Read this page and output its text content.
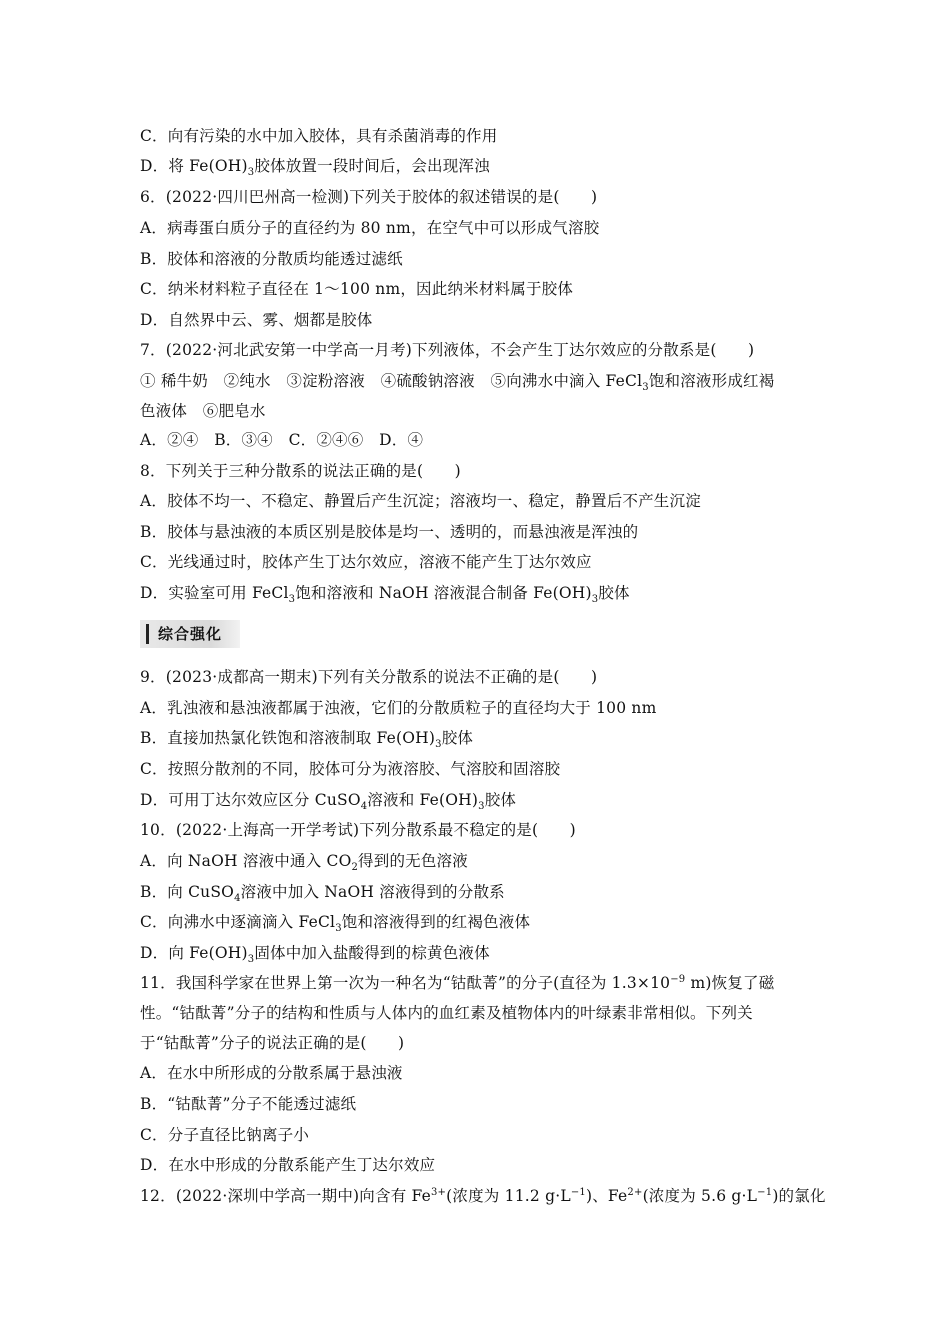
C．向有污染的水中加入胶体，具有杀菌消毒的作用
D．将 $Fe(OH)_3$胶体放置一段时间后，会出现浑浊
6．(2022·四川巴州高一检测)下列关于胶体的叙述错误的是(　　)
A．病毒蛋白质分子的直径约为 80 nm，在空气中可以形成气溶胶
B．胶体和溶液的分散质均能透过滤纸
C．纳米材料粒子直径在 1～100 nm，因此纳米材料属于胶体
D．自然界中云、雾、烟都是胶体
7．(2022·河北武安第一中学高一月考)下列液体，不会产生丁达尔效应的分散系是(　　)
① 稀牛奶　②纯水　③淀粉溶液　④硫酸钠溶液　⑤向沸水中滴入 FeCl$_3$饱和溶液形成红褐
色液体　⑥肥皂水
A．②④　B．③④　C．②④⑥　D．④
8．下列关于三种分散系的说法正确的是(　　)
A．胶体不均一、不稳定、静置后产生沉淀；溶液均一、稳定，静置后不产生沉淀
B．胶体与悬浊液的本质区别是胶体是均一、透明的，而悬浊液是浑浊的
C．光线通过时，胶体产生丁达尔效应，溶液不能产生丁达尔效应
D．实验室可用 FeCl$_3$饱和溶液和 NaOH 溶液混合制备 $Fe(OH)_3$胶体
综合强化
9．(2023·成都高一期末)下列有关分散系的说法不正确的是(　　)
A．乳浊液和悬浊液都属于浊液，它们的分散质粒子的直径均大于 100 nm
B．直接加热氯化铁饱和溶液制取 $Fe(OH)_3$胶体
C．按照分散剂的不同，胶体可分为液溶胶、气溶胶和固溶胶
D．可用丁达尔效应区分 CuSO$_4$溶液和 $Fe(OH)_3$胶体
10．(2022·上海高一开学考试)下列分散系最不稳定的是(　　)
A．向 NaOH 溶液中通入 $CO_2$得到的无色溶液
B．向 CuSO$_4$溶液中加入 NaOH 溶液得到的分散系
C．向沸水中逐滴滴入 FeCl$_3$饱和溶液得到的红褐色液体
D．向 $Fe(OH)_3$固体中加入盐酸得到的棕黄色液体
11．我国科学家在世界上第一次为一种名为“钴酞菁”的分子(直径为 $1.3\times 10^{-9}$ m)恢复了磁
性。“钴酞菁”分子的结构和性质与人体内的血红素及植物体内的叶绿素非常相似。下列关
于“钴酞菁”分子的说法正确的是(　　)
A．在水中所形成的分散系属于悬浊液
B．“钴酞菁”分子不能透过滤纸
C．分子直径比钠离子小
D．在水中形成的分散系能产生丁达尔效应
12．(2022·深圳中学高一期中)向含有 $Fe^{3+}$(浓度为 11.2 $g\cdot L^{-1}$)、$Fe^{2+}$(浓度为 5.6 $g\cdot L^{-1}$)的氯化
